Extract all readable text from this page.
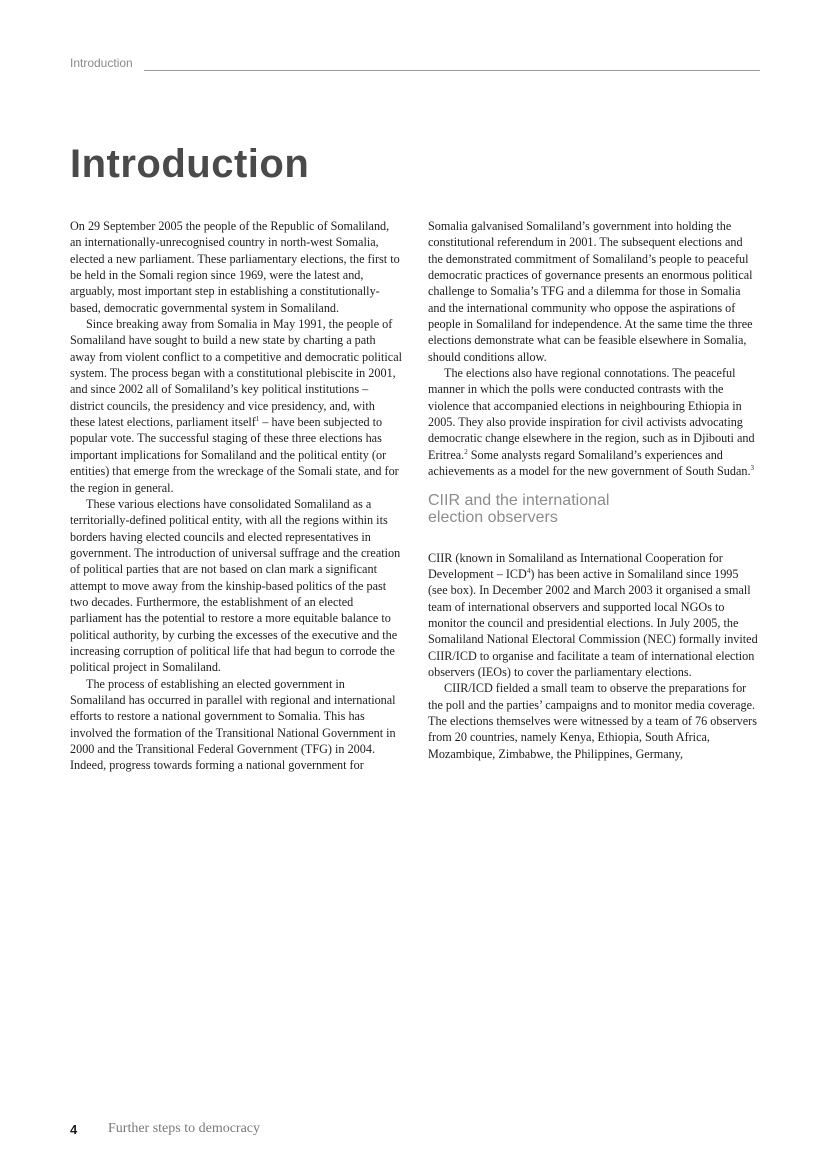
Introduction
Introduction

On 29 September 2005 the people of the Republic of Somaliland, an internationally-unrecognised country in north-west Somalia, elected a new parliament. These parliamentary elections, the first to be held in the Somali region since 1969, were the latest and, arguably, most important step in establishing a constitutionally-based, democratic governmental system in Somaliland.

Since breaking away from Somalia in May 1991, the people of Somaliland have sought to build a new state by charting a path away from violent conflict to a competitive and democratic political system. The process began with a constitutional plebiscite in 2001, and since 2002 all of Somaliland’s key political institutions – district councils, the presidency and vice presidency, and, with these latest elections, parliament itself$^1$ – have been subjected to popular vote. The successful staging of these three elections has important implications for Somaliland and the political entity (or entities) that emerge from the wreckage of the Somali state, and for the region in general.

These various elections have consolidated Somaliland as a territorially-defined political entity, with all the regions within its borders having elected councils and elected representatives in government. The introduction of universal suffrage and the creation of political parties that are not based on clan mark a significant attempt to move away from the kinship-based politics of the past two decades. Furthermore, the establishment of an elected parliament has the potential to restore a more equitable balance to political authority, by curbing the excesses of the executive and the increasing corruption of political life that had begun to corrode the political project in Somaliland.

The process of establishing an elected government in Somaliland has occurred in parallel with regional and international efforts to restore a national government to Somalia. This has involved the formation of the Transitional National Government in 2000 and the Transitional Federal Government (TFG) in 2004. Indeed, progress towards forming a national government for

Somalia galvanised Somaliland’s government into holding the constitutional referendum in 2001. The subsequent elections and the demonstrated commitment of Somaliland’s people to peaceful democratic practices of governance presents an enormous political challenge to Somalia’s TFG and a dilemma for those in Somalia and the international community who oppose the aspirations of people in Somaliland for independence. At the same time the three elections demonstrate what can be feasible elsewhere in Somalia, should conditions allow.

The elections also have regional connotations. The peaceful manner in which the polls were conducted contrasts with the violence that accompanied elections in neighbouring Ethiopia in 2005. They also provide inspiration for civil activists advocating democratic change elsewhere in the region, such as in Djibouti and Eritrea.$^2$ Some analysts regard Somaliland’s experiences and achievements as a model for the new government of South Sudan.$^3$

CIIR and the international
election observers

CIIR (known in Somaliland as International Cooperation for Development – ICD$^4$) has been active in Somaliland since 1995 (see box). In December 2002 and March 2003 it organised a small team of international observers and supported local NGOs to monitor the council and presidential elections. In July 2005, the Somaliland National Electoral Commission (NEC) formally invited CIIR/ICD to organise and facilitate a team of international election observers (IEOs) to cover the parliamentary elections.

CIIR/ICD fielded a small team to observe the preparations for the poll and the parties’ campaigns and to monitor media coverage. The elections themselves were witnessed by a team of 76 observers from 20 countries, namely Kenya, Ethiopia, South Africa, Mozambique, Zimbabwe, the Philippines, Germany,

4 Further steps to democracy
